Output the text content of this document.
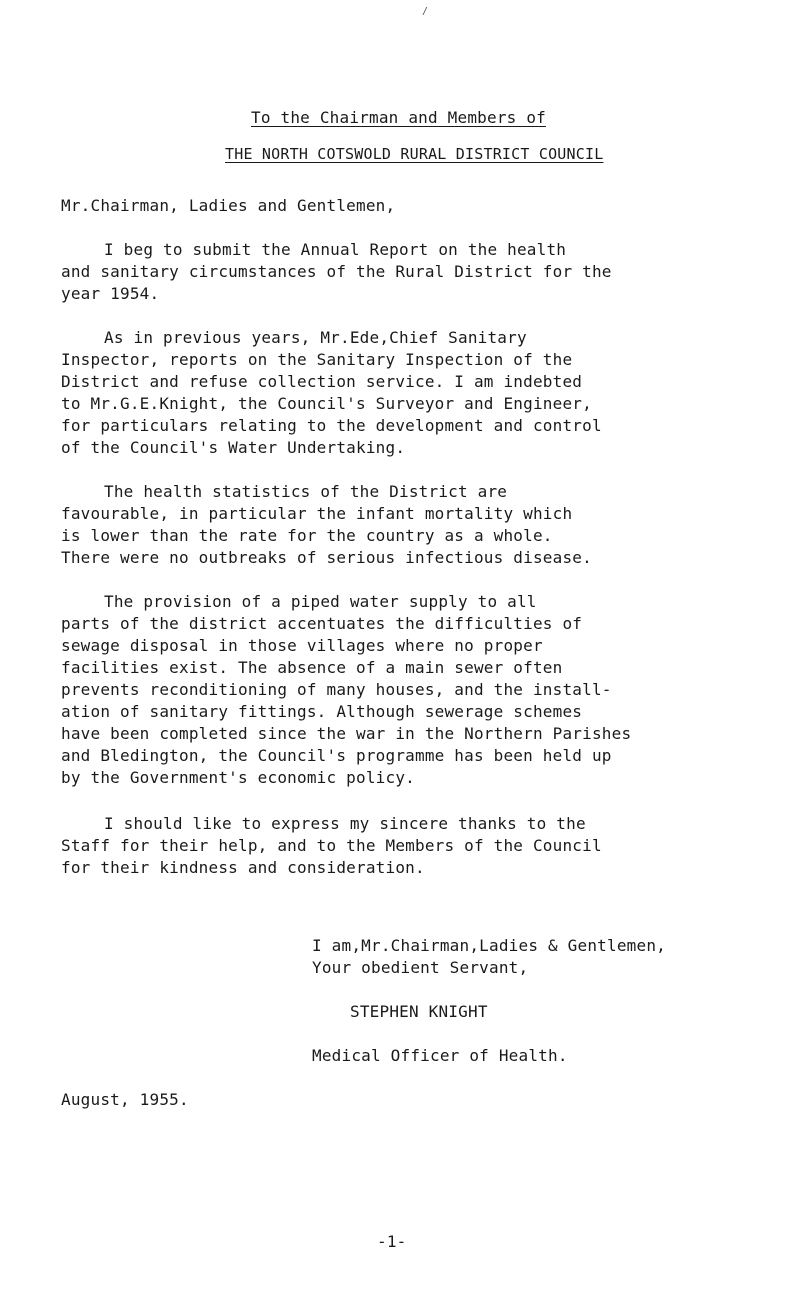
/
To the Chairman and Members of
THE NORTH COTSWOLD RURAL DISTRICT COUNCIL
Mr.Chairman, Ladies and Gentlemen,
I beg to submit the Annual Report on the health
and sanitary circumstances of the Rural District for the
year 1954.
As in previous years, Mr.Ede,Chief Sanitary
Inspector, reports on the Sanitary Inspection of the
District and refuse collection service. I am indebted
to Mr.G.E.Knight, the Council's Surveyor and Engineer,
for particulars relating to the development and control
of the Council's Water Undertaking.
The health statistics of the District are
favourable, in particular the infant mortality which
is lower than the rate for the country as a whole.
There were no outbreaks of serious infectious disease.
The provision of a piped water supply to all
parts of the district accentuates the difficulties of
sewage disposal in those villages where no proper
facilities exist. The absence of a main sewer often
prevents reconditioning of many houses, and the install-
ation of sanitary fittings. Although sewerage schemes
have been completed since the war in the Northern Parishes
and Bledington, the Council's programme has been held up
by the Government's economic policy.
I should like to express my sincere thanks to the
Staff for their help, and to the Members of the Council
for their kindness and consideration.
I am,Mr.Chairman,Ladies & Gentlemen,
Your obedient Servant,
STEPHEN KNIGHT
Medical Officer of Health.
August, 1955.
-1-
